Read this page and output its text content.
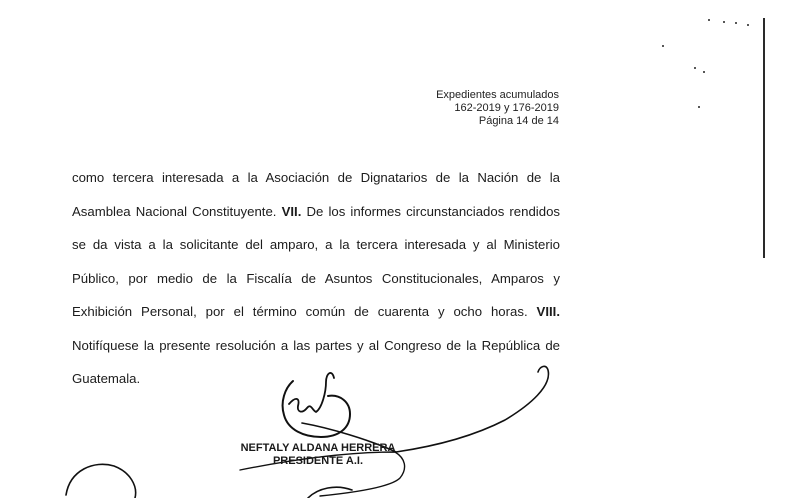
Expedientes acumulados
162-2019 y 176-2019
Página 14 de 14
como tercera interesada a la Asociación de Dignatarios de la Nación de la Asamblea Nacional Constituyente. VII. De los informes circunstanciados rendidos se da vista a la solicitante del amparo, a la tercera interesada y al Ministerio Público, por medio de la Fiscalía de Asuntos Constitucionales, Amparos y Exhibición Personal, por el término común de cuarenta y ocho horas. VIII. Notifíquese la presente resolución a las partes y al Congreso de la República de Guatemala.
NEFTALY ALDANA HERRERA
PRESIDENTE A.I.
